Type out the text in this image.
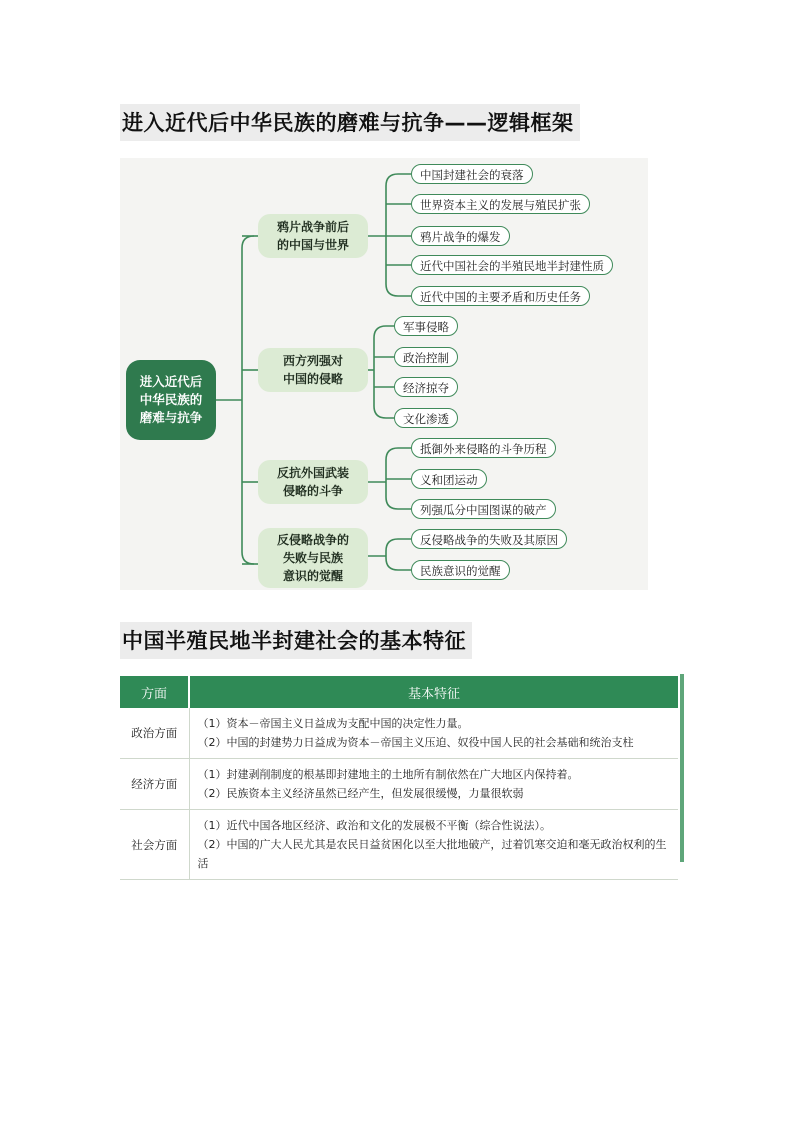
进入近代后中华民族的磨难与抗争——逻辑框架
进入近代后
中华民族的
磨难与抗争
鸦片战争前后
的中国与世界
西方列强对
中国的侵略
反抗外国武装
侵略的斗争
反侵略战争的
失败与民族
意识的觉醒
中国封建社会的衰落
世界资本主义的发展与殖民扩张
鸦片战争的爆发
近代中国社会的半殖民地半封建性质
近代中国的主要矛盾和历史任务
军事侵略
政治控制
经济掠夺
文化渗透
抵御外来侵略的斗争历程
义和团运动
列强瓜分中国图谋的破产
反侵略战争的失败及其原因
民族意识的觉醒
中国半殖民地半封建社会的基本特征
方面	基本特征
政治方面	（1）资本－帝国主义日益成为支配中国的决定性力量。
（2）中国的封建势力日益成为资本－帝国主义压迫、奴役中国人民的社会基础和统治支柱

经济方面	（1）封建剥削制度的根基即封建地主的土地所有制依然在广大地区内保持着。
（2）民族资本主义经济虽然已经产生，但发展很缓慢，力量很软弱

社会方面	（1）近代中国各地区经济、政治和文化的发展极不平衡（综合性说法）。
（2）中国的广大人民尤其是农民日益贫困化以至大批地破产，过着饥寒交迫和毫无政治权利的生活
